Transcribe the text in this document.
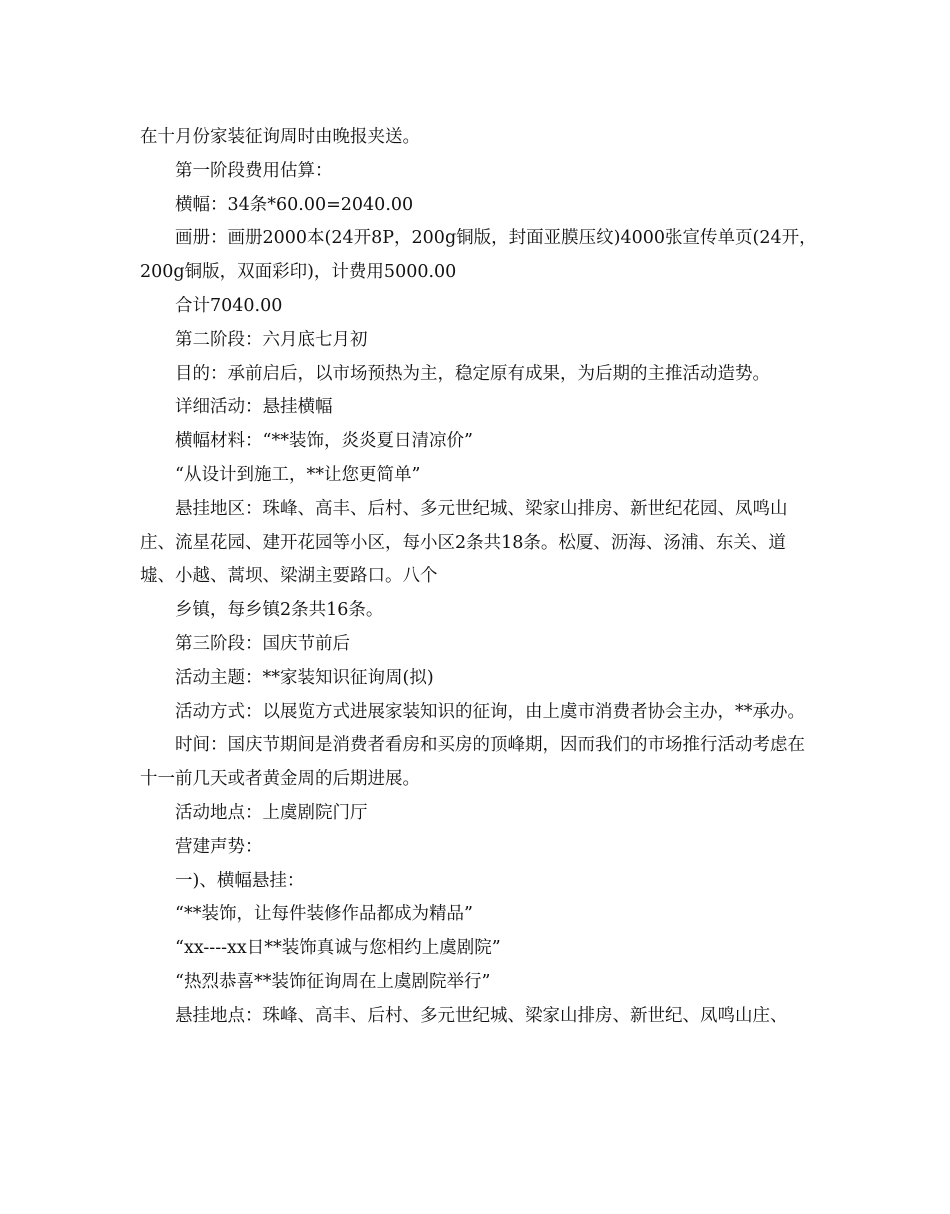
在十月份家装征询周时由晚报夹送。

第一阶段费用估算：

横幅：34条*60.00=2040.00

画册：画册2000本(24开8P，200g铜版，封面亚膜压纹)4000张宣传单页(24开，200g铜版，双面彩印)，计费用5000.00

合计7040.00

第二阶段：六月底七月初

目的：承前启后，以市场预热为主，稳定原有成果，为后期的主推活动造势。

详细活动：悬挂横幅

横幅材料：“**装饰，炎炎夏日清凉价”

“从设计到施工，**让您更简单”

悬挂地区：珠峰、高丰、后村、多元世纪城、梁家山排房、新世纪花园、凤鸣山庄、流星花园、建开花园等小区，每小区2条共18条。松厦、沥海、汤浦、东关、道墟、小越、蒿坝、梁湖主要路口。八个

乡镇，每乡镇2条共16条。

第三阶段：国庆节前后

活动主题：**家装知识征询周(拟)

活动方式：以展览方式进展家装知识的征询，由上虞市消费者协会主办，**承办。

时间：国庆节期间是消费者看房和买房的顶峰期，因而我们的市场推行活动考虑在十一前几天或者黄金周的后期进展。

活动地点：上虞剧院门厅

营建声势：

一)、横幅悬挂：

“**装饰，让每件装修作品都成为精品”

“xx----xx日**装饰真诚与您相约上虞剧院”

“热烈恭喜**装饰征询周在上虞剧院举行”

悬挂地点：珠峰、高丰、后村、多元世纪城、梁家山排房、新世纪、凤鸣山庄、
